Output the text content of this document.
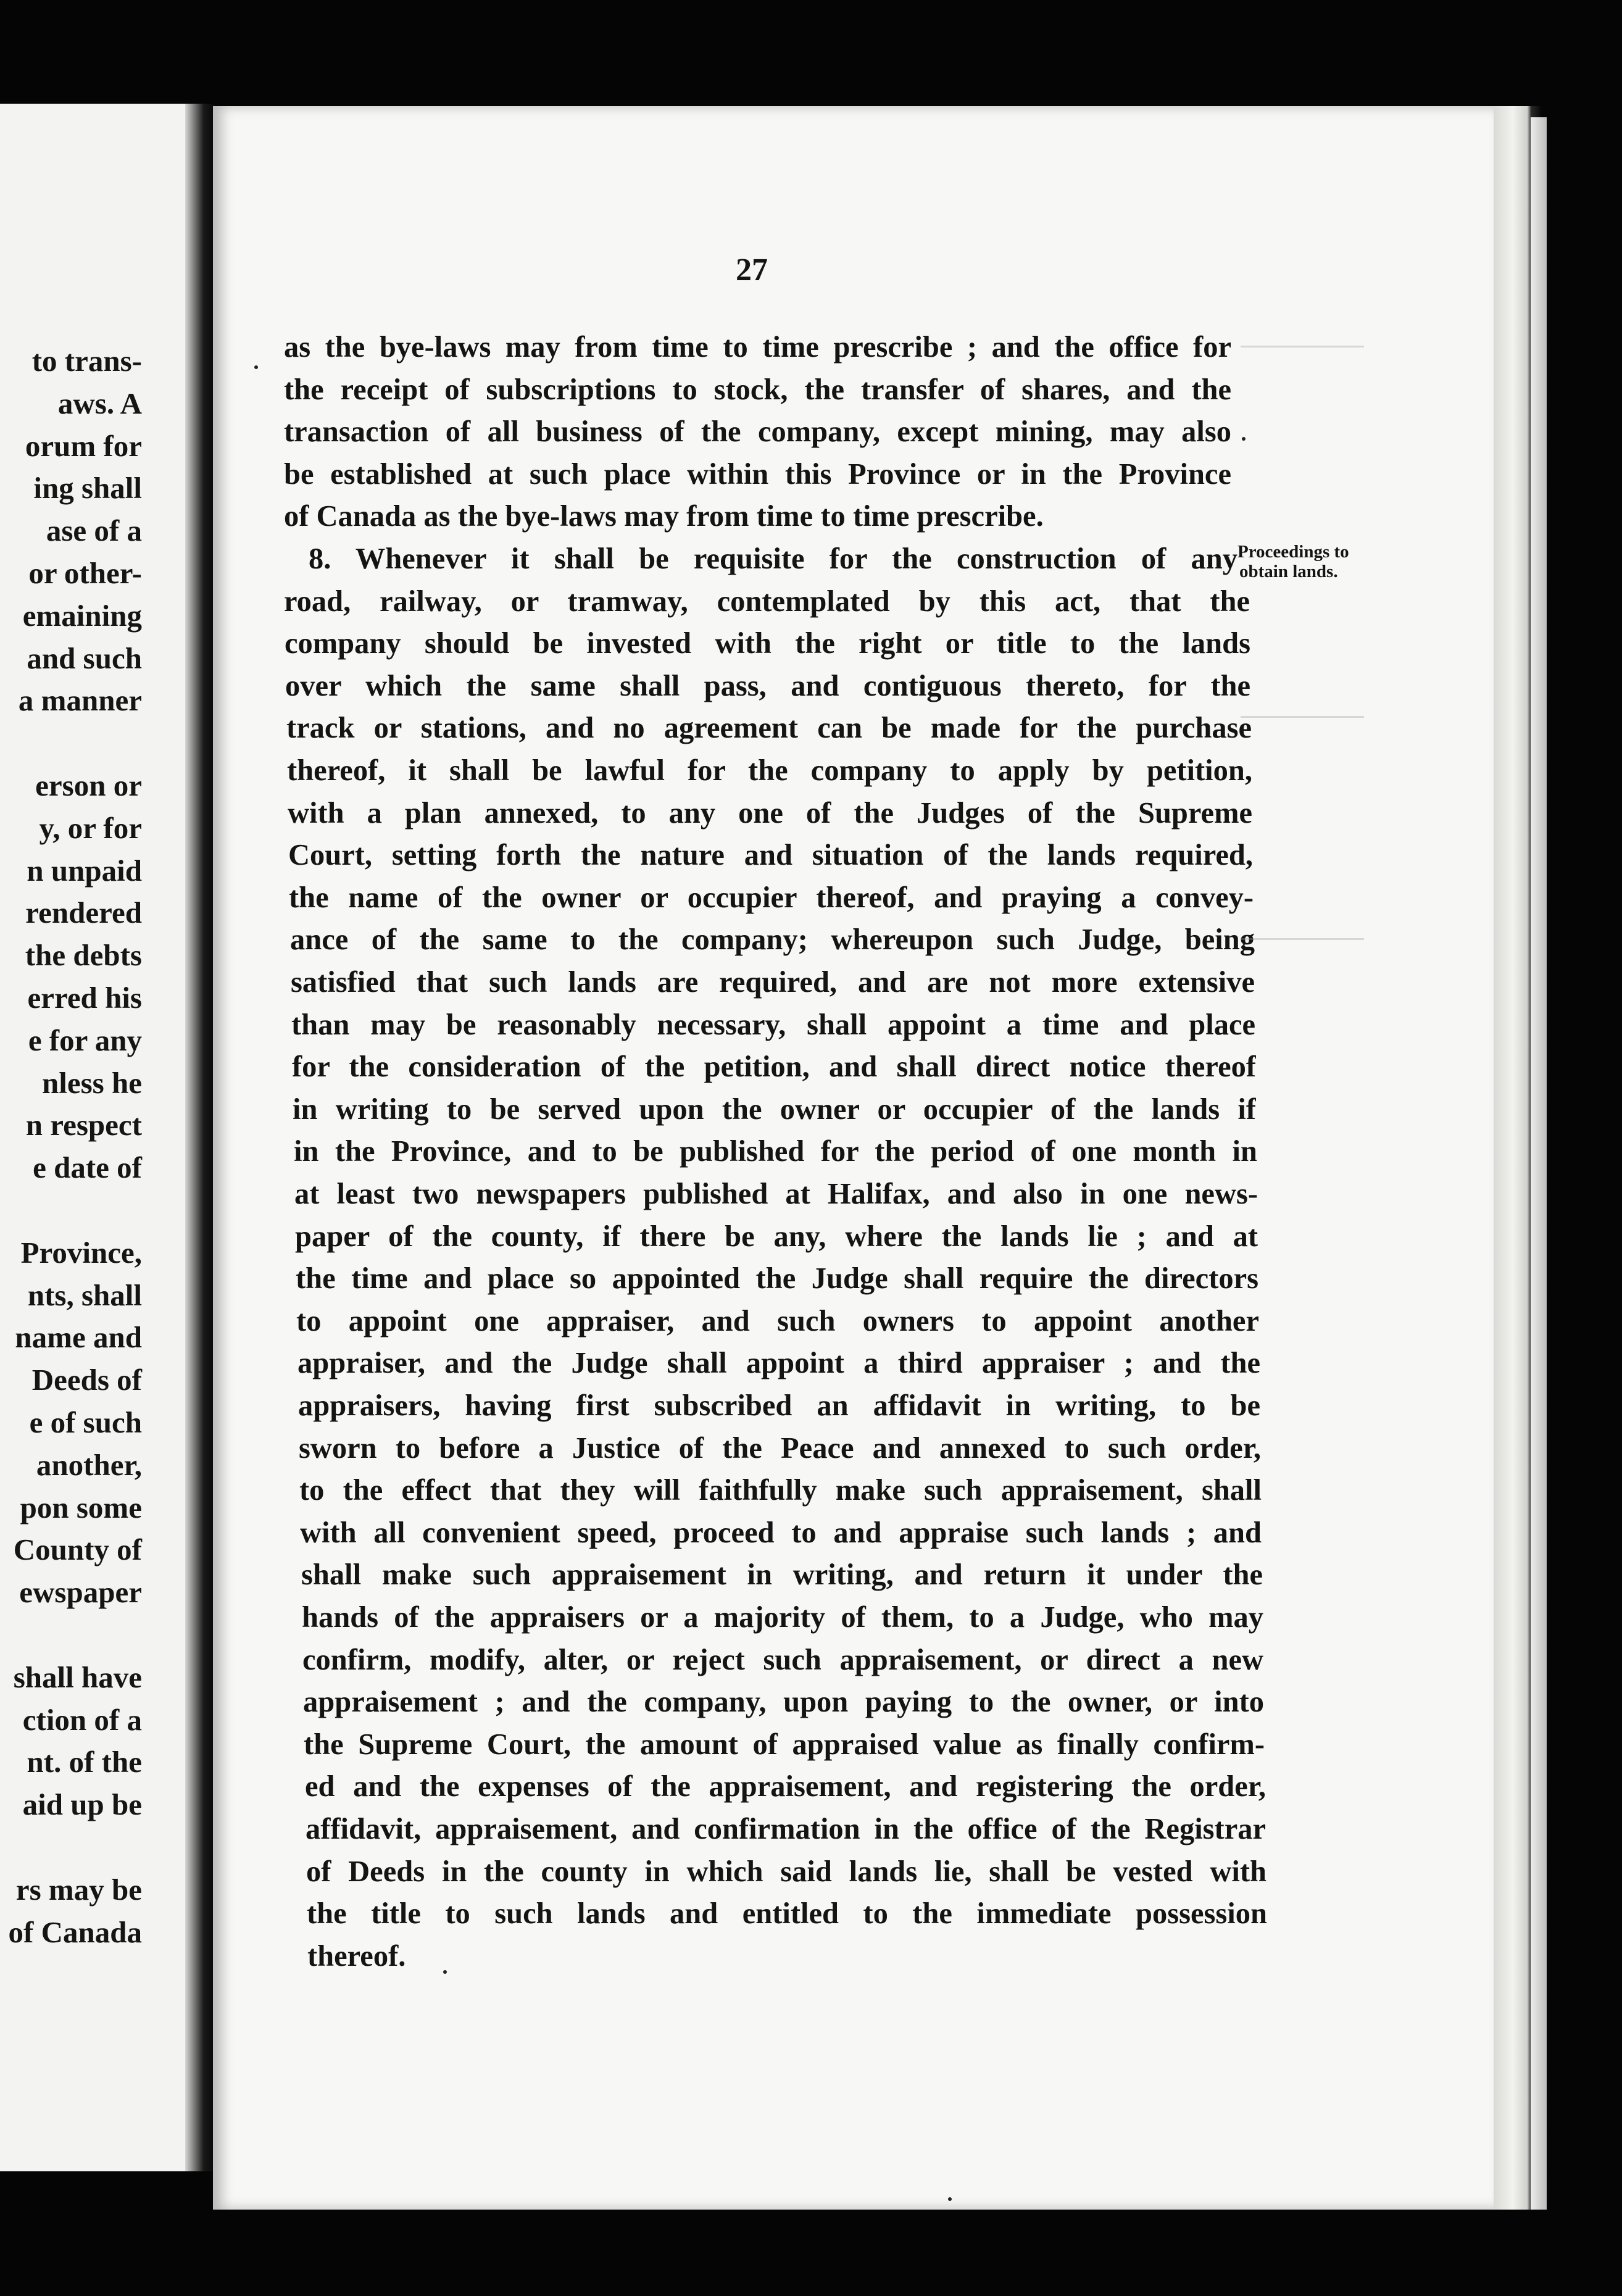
to trans-
aws. A
orum for
ing shall
ase of a
or other-
emaining
and such
a manner
erson or
y, or for
n unpaid
rendered
the debts
erred his
e for any
nless he
n respect
e date of
Province,
nts, shall
name and
Deeds of
e of such
another,
pon some
County of
ewspaper
shall have
ction of a
nt. of the
aid up be
rs may be
of Canada
27
as the bye-laws may from time to time prescribe ; and the office for
the receipt of subscriptions to stock, the transfer of shares, and the
transaction of all business of the company, except mining, may also
be established at such place within this Province or in the Province
of Canada as the bye-laws may from time to time prescribe.
8. Whenever it shall be requisite for the construction of any
road, railway, or tramway, contemplated by this act, that the
company should be invested with the right or title to the lands
over which the same shall pass, and contiguous thereto, for the
track or stations, and no agreement can be made for the purchase
thereof, it shall be lawful for the company to apply by petition,
with a plan annexed, to any one of the Judges of the Supreme
Court, setting forth the nature and situation of the lands required,
the name of the owner or occupier thereof, and praying a convey-
ance of the same to the company; whereupon such Judge, being
satisfied that such lands are required, and are not more extensive
than may be reasonably necessary, shall appoint a time and place
for the consideration of the petition, and shall direct notice thereof
in writing to be served upon the owner or occupier of the lands if
in the Province, and to be published for the period of one month in
at least two newspapers published at Halifax, and also in one news-
paper of the county, if there be any, where the lands lie ; and at
the time and place so appointed the Judge shall require the directors
to appoint one appraiser, and such owners to appoint another
appraiser, and the Judge shall appoint a third appraiser ; and the
appraisers, having first subscribed an affidavit in writing, to be
sworn to before a Justice of the Peace and annexed to such order,
to the effect that they will faithfully make such appraisement, shall
with all convenient speed, proceed to and appraise such lands ; and
shall make such appraisement in writing, and return it under the
hands of the appraisers or a majority of them, to a Judge, who may
confirm, modify, alter, or reject such appraisement, or direct a new
appraisement ; and the company, upon paying to the owner, or into
the Supreme Court, the amount of appraised value as finally confirm-
ed and the expenses of the appraisement, and registering the order,
affidavit, appraisement, and confirmation in the office of the Registrar
of Deeds in the county in which said lands lie, shall be vested with
the title to such lands and entitled to the immediate possession
thereof.
Proceedings to
obtain lands.
